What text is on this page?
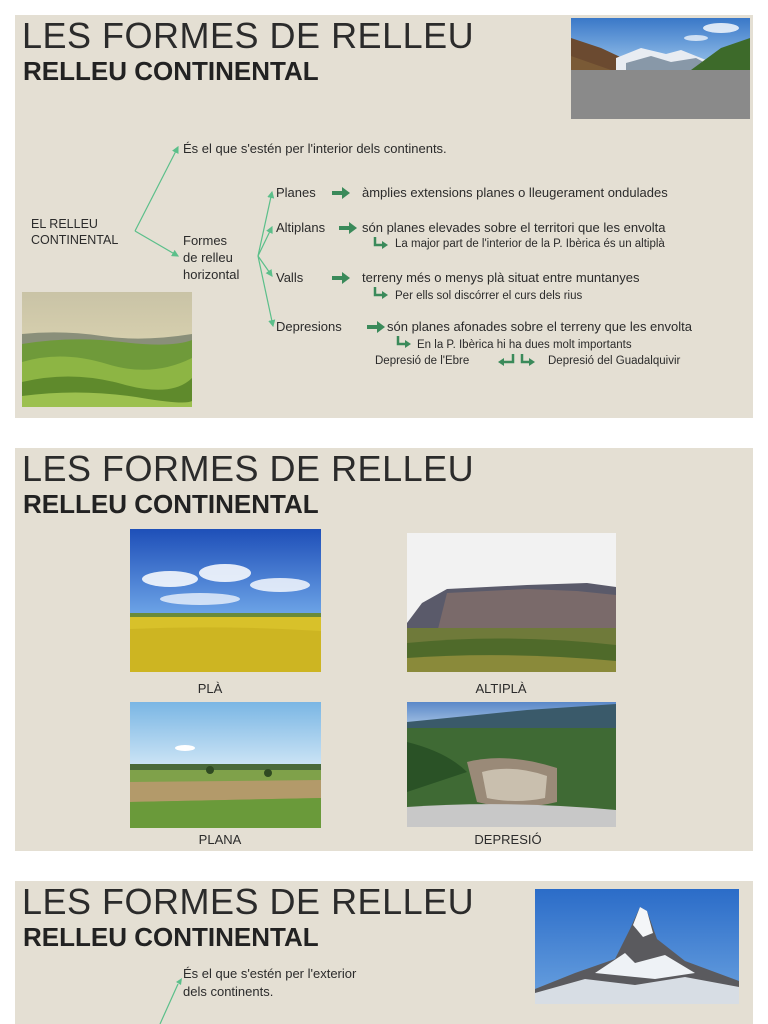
LES FORMES DE RELLEU
RELLEU CONTINENTAL
EL RELLEU
CONTINENTAL
És el que s'estén per l'interior dels continents.
Formes
de relleu
horizontal
Planes	àmplies extensions planes o lleugerament ondulades
Altiplans	són planes elevades sobre el territori que les envolta
La major part de l'interior de la P. Ibèrica és un altiplà
Valls	terreny més o menys plà situat entre muntanyes
Per ells sol discórrer el curs dels rius
Depresions	són planes afonades sobre el terreny que les envolta
En la P. Ibèrica hi ha dues molt importants
Depresió de l'Ebre	Depresió del Guadalquivir
LES FORMES DE RELLEU
RELLEU CONTINENTAL
PLÀ	ALTIPLÀ
PLANA	DEPRESIÓ
LES FORMES DE RELLEU
RELLEU CONTINENTAL
És el que s'estén per l'exterior
dels continents.
